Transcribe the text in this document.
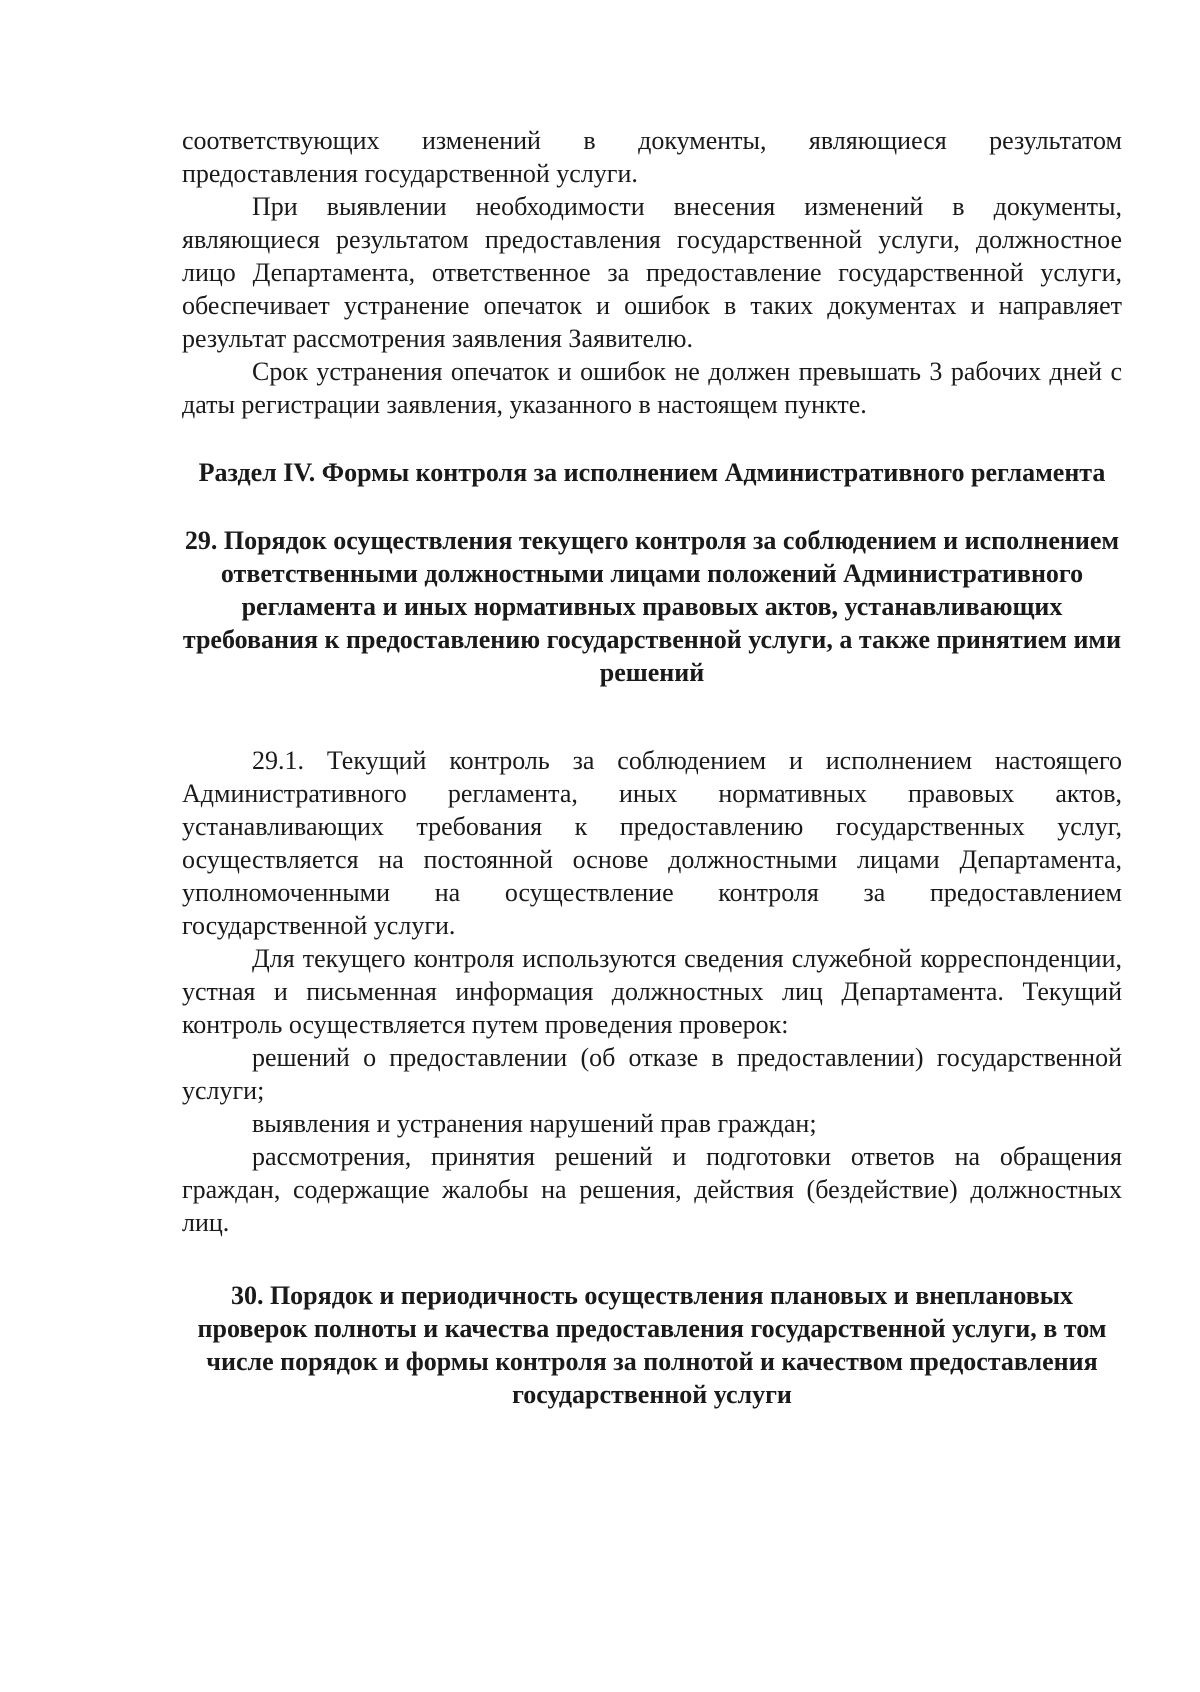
соответствующих изменений в документы, являющиеся результатом предоставления государственной услуги.

При выявлении необходимости внесения изменений в документы, являющиеся результатом предоставления государственной услуги, должностное лицо Департамента, ответственное за предоставление государственной услуги, обеспечивает устранение опечаток и ошибок в таких документах и направляет результат рассмотрения заявления Заявителю.

Срок устранения опечаток и ошибок не должен превышать 3 рабочих дней с даты регистрации заявления, указанного в настоящем пункте.

Раздел IV. Формы контроля за исполнением Административного регламента
29. Порядок осуществления текущего контроля за соблюдением и исполнением ответственными должностными лицами положений Административного регламента и иных нормативных правовых актов, устанавливающих требования к предоставлению государственной услуги, а также принятием ими решений

29.1. Текущий контроль за соблюдением и исполнением настоящего Административного регламента, иных нормативных правовых актов, устанавливающих требования к предоставлению государственных услуг, осуществляется на постоянной основе должностными лицами Департамента, уполномоченными на осуществление контроля за предоставлением государственной услуги.

Для текущего контроля используются сведения служебной корреспонденции, устная и письменная информация должностных лиц Департамента. Текущий контроль осуществляется путем проведения проверок:

решений о предоставлении (об отказе в предоставлении) государственной услуги;

выявления и устранения нарушений прав граждан;

рассмотрения, принятия решений и подготовки ответов на обращения граждан, содержащие жалобы на решения, действия (бездействие) должностных лиц.

30. Порядок и периодичность осуществления плановых и внеплановых проверок полноты и качества предоставления государственной услуги, в том числе порядок и формы контроля за полнотой и качеством предоставления государственной услуги
